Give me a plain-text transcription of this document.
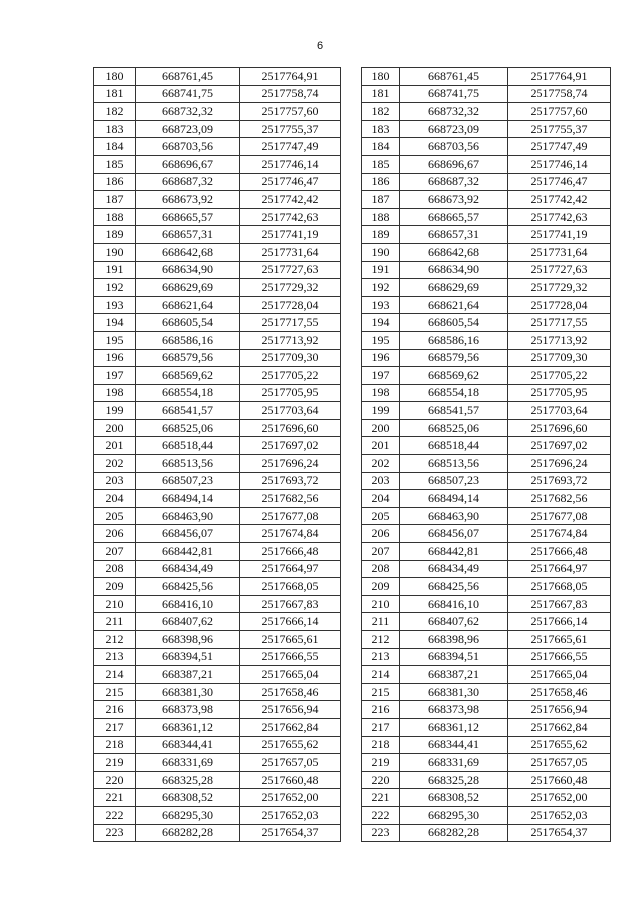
6
180	668761,45	2517764,91
181	668741,75	2517758,74
182	668732,32	2517757,60
183	668723,09	2517755,37
184	668703,56	2517747,49
185	668696,67	2517746,14
186	668687,32	2517746,47
187	668673,92	2517742,42
188	668665,57	2517742,63
189	668657,31	2517741,19
190	668642,68	2517731,64
191	668634,90	2517727,63
192	668629,69	2517729,32
193	668621,64	2517728,04
194	668605,54	2517717,55
195	668586,16	2517713,92
196	668579,56	2517709,30
197	668569,62	2517705,22
198	668554,18	2517705,95
199	668541,57	2517703,64
200	668525,06	2517696,60
201	668518,44	2517697,02
202	668513,56	2517696,24
203	668507,23	2517693,72
204	668494,14	2517682,56
205	668463,90	2517677,08
206	668456,07	2517674,84
207	668442,81	2517666,48
208	668434,49	2517664,97
209	668425,56	2517668,05
210	668416,10	2517667,83
211	668407,62	2517666,14
212	668398,96	2517665,61
213	668394,51	2517666,55
214	668387,21	2517665,04
215	668381,30	2517658,46
216	668373,98	2517656,94
217	668361,12	2517662,84
218	668344,41	2517655,62
219	668331,69	2517657,05
220	668325,28	2517660,48
221	668308,52	2517652,00
222	668295,30	2517652,03
223	668282,28	2517654,37
180	668761,45	2517764,91
181	668741,75	2517758,74
182	668732,32	2517757,60
183	668723,09	2517755,37
184	668703,56	2517747,49
185	668696,67	2517746,14
186	668687,32	2517746,47
187	668673,92	2517742,42
188	668665,57	2517742,63
189	668657,31	2517741,19
190	668642,68	2517731,64
191	668634,90	2517727,63
192	668629,69	2517729,32
193	668621,64	2517728,04
194	668605,54	2517717,55
195	668586,16	2517713,92
196	668579,56	2517709,30
197	668569,62	2517705,22
198	668554,18	2517705,95
199	668541,57	2517703,64
200	668525,06	2517696,60
201	668518,44	2517697,02
202	668513,56	2517696,24
203	668507,23	2517693,72
204	668494,14	2517682,56
205	668463,90	2517677,08
206	668456,07	2517674,84
207	668442,81	2517666,48
208	668434,49	2517664,97
209	668425,56	2517668,05
210	668416,10	2517667,83
211	668407,62	2517666,14
212	668398,96	2517665,61
213	668394,51	2517666,55
214	668387,21	2517665,04
215	668381,30	2517658,46
216	668373,98	2517656,94
217	668361,12	2517662,84
218	668344,41	2517655,62
219	668331,69	2517657,05
220	668325,28	2517660,48
221	668308,52	2517652,00
222	668295,30	2517652,03
223	668282,28	2517654,37
